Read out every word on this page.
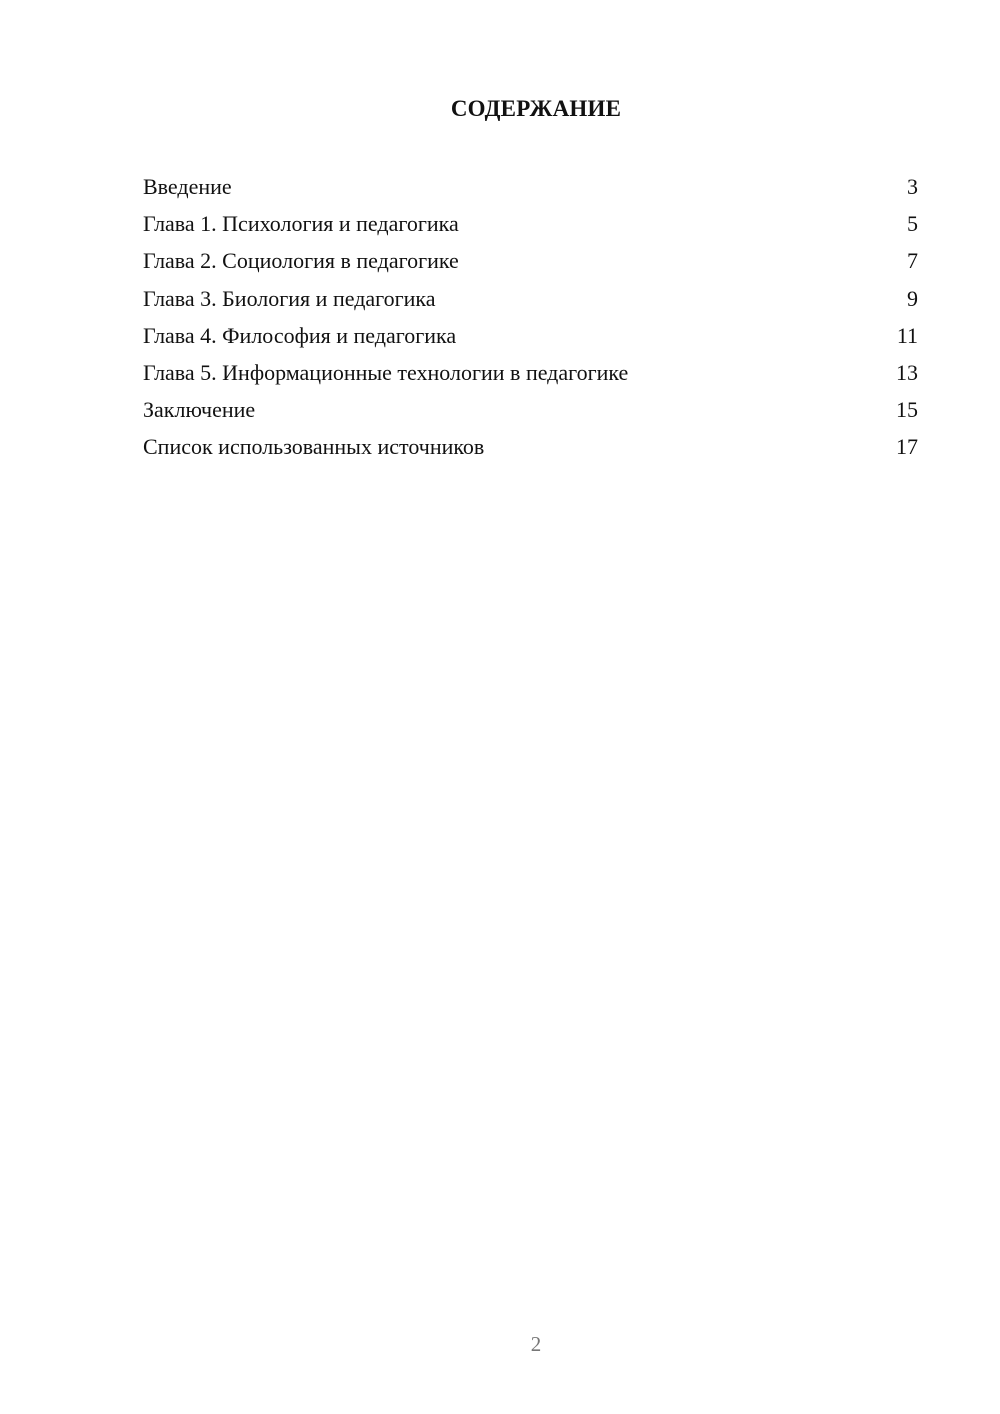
СОДЕРЖАНИЕ
Введение	3
Глава 1. Психология и педагогика	5
Глава 2. Социология в педагогике	7
Глава 3. Биология и педагогика	9
Глава 4. Философия и педагогика	11
Глава 5. Информационные технологии в педагогике	13
Заключение	15
Список использованных источников	17
2
